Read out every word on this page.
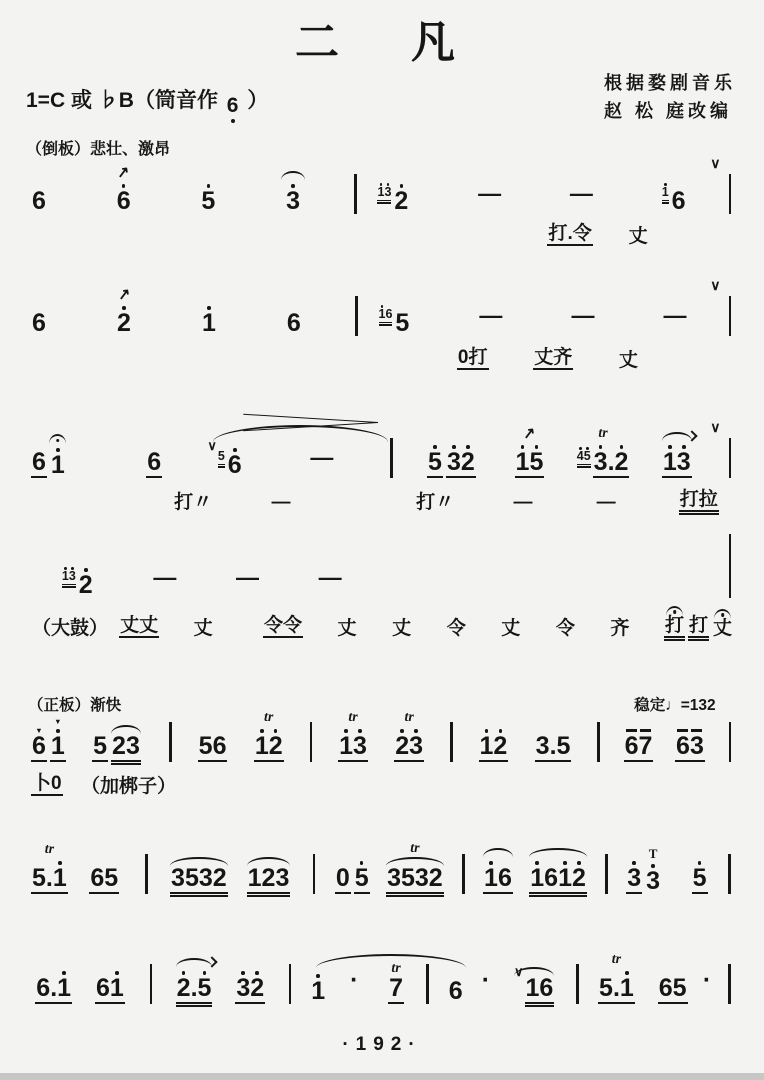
二　凡
1=C 或 ♭B（筒音作 6 ）
根据婺剧音乐
赵 松 庭改编
（倒板）悲壮、激昂
6	6
↗
5	3	1 3 2	—	—	1 6
∨
打 . 令 丈
6	2
↗
1	6	1 6 5	—	—	—
∨
0 打 丈 齐 丈
6 1	6
∨
5 6	—	5 3 2 1 5
↗
4 5 3 . 2
tr
1 3
∨
打 〃	—	打 〃	—	—	打 拉
1 3 2	—	—	—
（ 大 鼓 ） 丈 丈 丈	令 令 丈 丈 令 丈 令 齐 打 打 丈
（ 正 板 ） 渐 快	稳 定 ♩ = 1 3 2
6
▼
1
▼
5 2 3 5 6 1 2
tr
1 3
tr
2 3
tr
1 2 3 . 5 6 7 6 3
卜 0 （ 加 梆 子 ）
5 . 1
tr
6 5 3 5 3 2 1 2 3 0 5 3 5 3 2
tr
1 6 1 6 1 2 3 3
T
5
6 . 1 6 1 2 . 5 3 2 1 · 7
tr
6 · ∨
1 6 5 . 1
tr
6 5 ·
·192·
